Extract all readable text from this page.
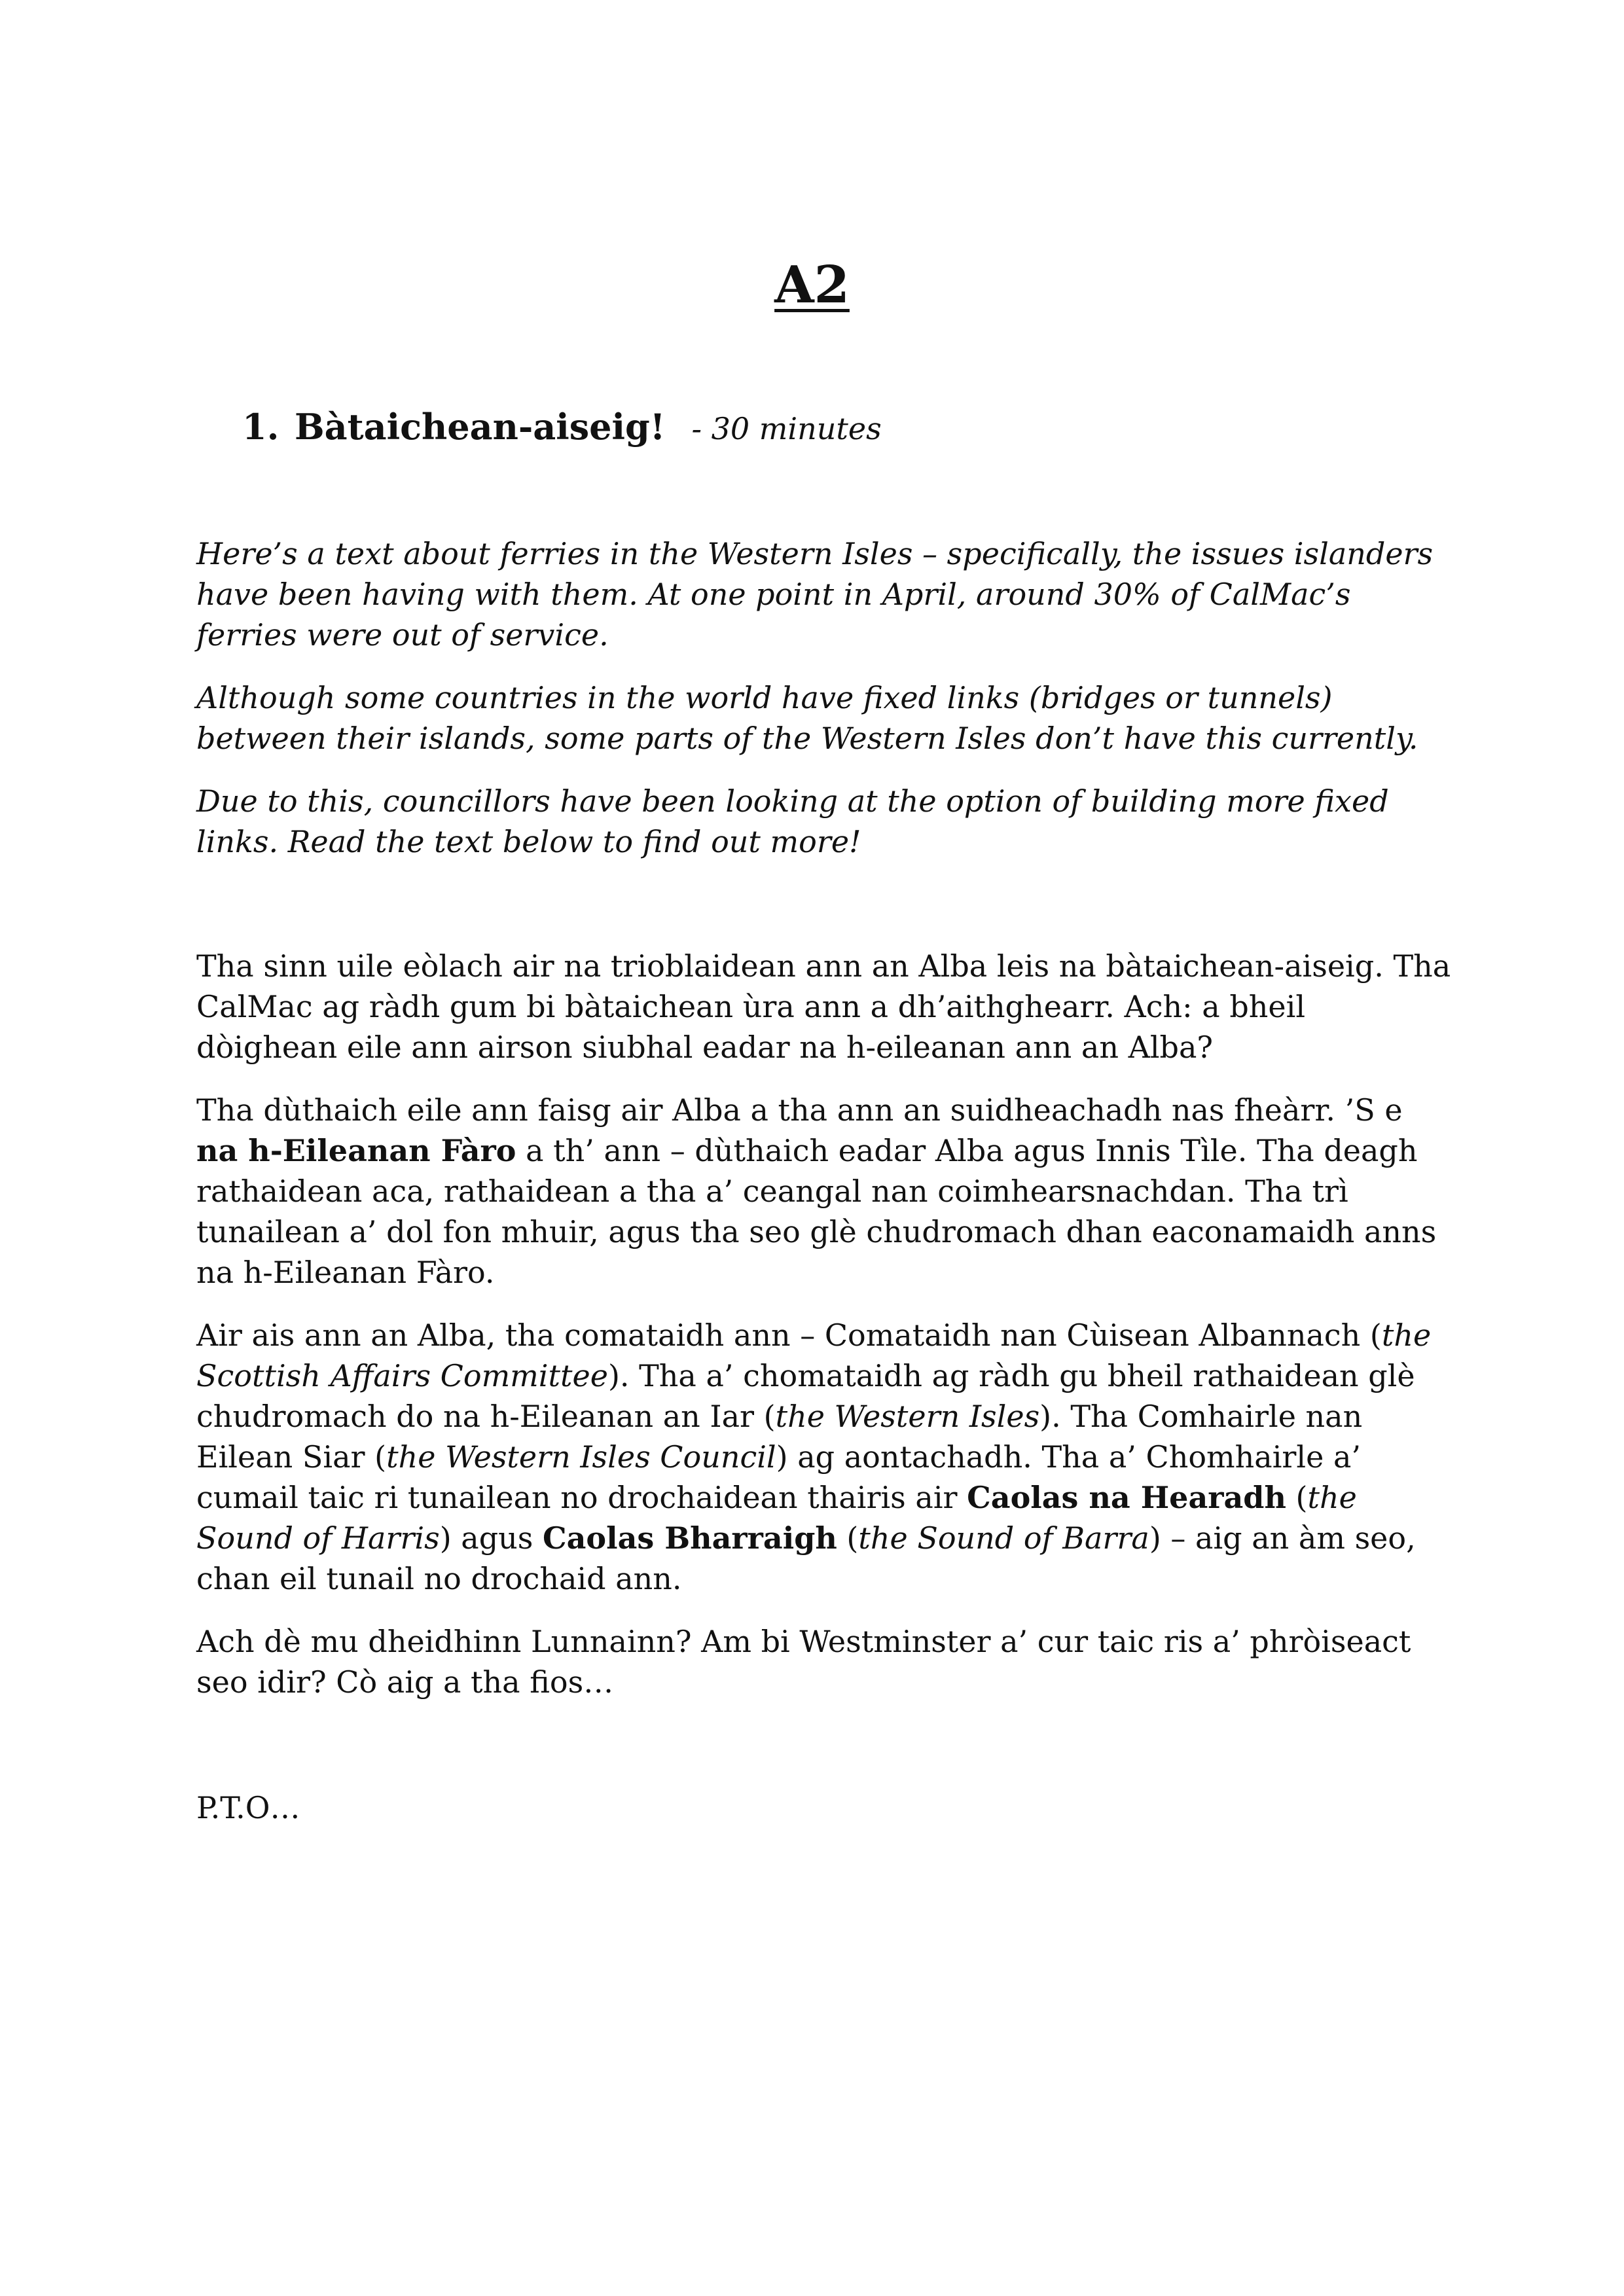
A2
1. Bàtaichean-aiseig! - 30 minutes

Here’s a text about ferries in the Western Isles – specifically, the issues islanders have been having with them. At one point in April, around 30% of CalMac’s ferries were out of service.

Although some countries in the world have fixed links (bridges or tunnels) between their islands, some parts of the Western Isles don’t have this currently.

Due to this, councillors have been looking at the option of building more fixed links. Read the text below to find out more!

Tha sinn uile eòlach air na trioblaidean ann an Alba leis na bàtaichean-aiseig. Tha CalMac ag ràdh gum bi bàtaichean ùra ann a dh’aithghearr. Ach: a bheil dòighean eile ann airson siubhal eadar na h-eileanan ann an Alba?

Tha dùthaich eile ann faisg air Alba a tha ann an suidheachadh nas fheàrr. ’S e na h-Eileanan Fàro a th’ ann – dùthaich eadar Alba agus Innis Tìle. Tha deagh rathaidean aca, rathaidean a tha a’ ceangal nan coimhearsnachdan. Tha trì tunailean a’ dol fon mhuir, agus tha seo glè chudromach dhan eaconamaidh anns na h-Eileanan Fàro.

Air ais ann an Alba, tha comataidh ann – Comataidh nan Cùisean Albannach (the Scottish Affairs Committee). Tha a’ chomataidh ag ràdh gu bheil rathaidean glè chudromach do na h-Eileanan an Iar (the Western Isles). Tha Comhairle nan Eilean Siar (the Western Isles Council) ag aontachadh. Tha a’ Chomhairle a’ cumail taic ri tunailean no drochaidean thairis air Caolas na Hearadh (the Sound of Harris) agus Caolas Bharraigh (the Sound of Barra) – aig an àm seo, chan eil tunail no drochaid ann.

Ach dè mu dheidhinn Lunnainn? Am bi Westminster a’ cur taic ris a’ phròiseact seo idir? Cò aig a tha fios…

P.T.O…
